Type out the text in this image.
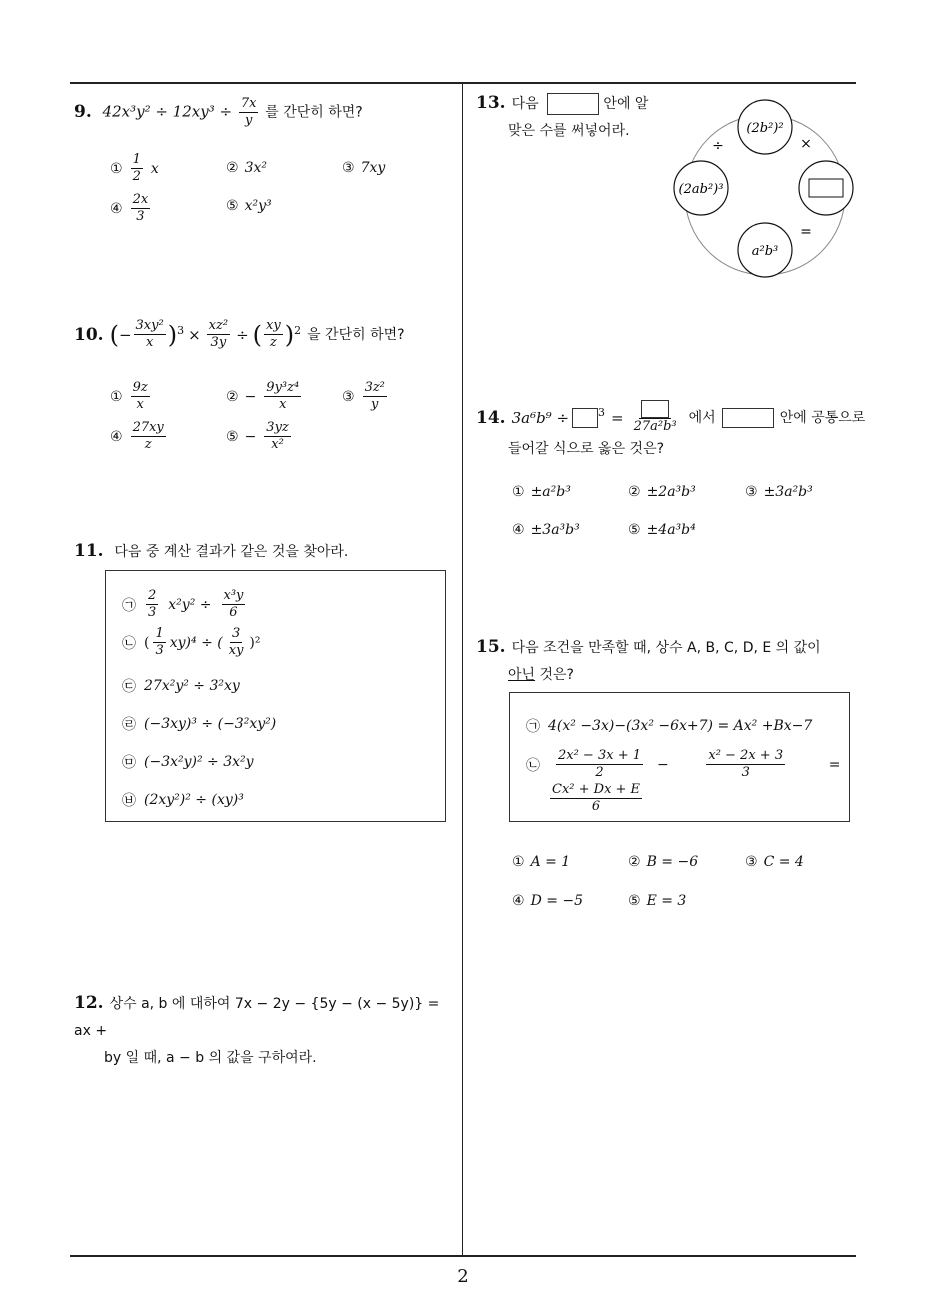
9. $42x^3y^2 \div 12xy^3 \div \frac{7x}{y}$ 를 간단히 하면?
① $\frac{1}{2}$ x	② 3x²	③ 7xy
④ $\frac{2x}{3}$	⑤ x²y³
10. ( − $\frac{\text{3xy²}}{x} )^3 \times \frac{\text{xz²}}{3y}$ ÷ ( $\frac{xy}{z} )^2$ 을 간단히 하면?
① $\frac{9z}{x}$	② − $\frac{\text{9y³z⁴}}{x}$	③ $\frac{\text{3z²}}{y}$
④ $\frac{27xy}{z}$	⑤ − $\frac{3yz}{\text{x²}}$
11. 다음 중 계산 결과가 같은 것을 찾아라.
㉠ $\frac{2}{3} x^2y^2 \div \frac{\text{x³y}}{6}$
㉡ ( $\frac{1}{3} xy)^4$ ÷ ( $\frac{3}{xy} )^2$
㉢ 27x²y² ÷ 3²xy
㉣ (−3xy)³ ÷ (−3²xy²)
㉤ (−3x²y)² ÷ 3x²y
㉥ (2xy²)² ÷ (xy)³
12. 상수 a, b 에 대하여 7x − 2y − {5y − (x − 5y)} = ax +
by 일 때, a − b 의 값을 구하여라.
13. 다음	안에 알
맞은 수를 써넣어라.	(2b²)²
(2ab²)³
a²b³
÷	×
=
14. 3a⁶b⁹ ÷	$^3$ = 27a²b³
에서	안에 공통으로
들어갈 식으로 옳은 것은?
① ±a²b³	② ±2a³b³	③ ±3a²b³
④ ±3a³b³	⑤ ±4a³b⁴
15. 다음 조건을 만족할 때, 상수 A, B, C, D, E 의 값이
아닌 것은?
㉠ 4(x² −3x)−(3x² −6x+7) = Ax² +Bx−7
㉡ $\frac{\text{2x² − 3x + 1}}{2}$ −	$\frac{\text{x² − 2x + 3}}{3}$	=
$\frac{\text{Cx² + Dx + E}}{6}$
① A = 1	② B = −6	③ C = 4
④ D = −5	⑤ E = 3
2
